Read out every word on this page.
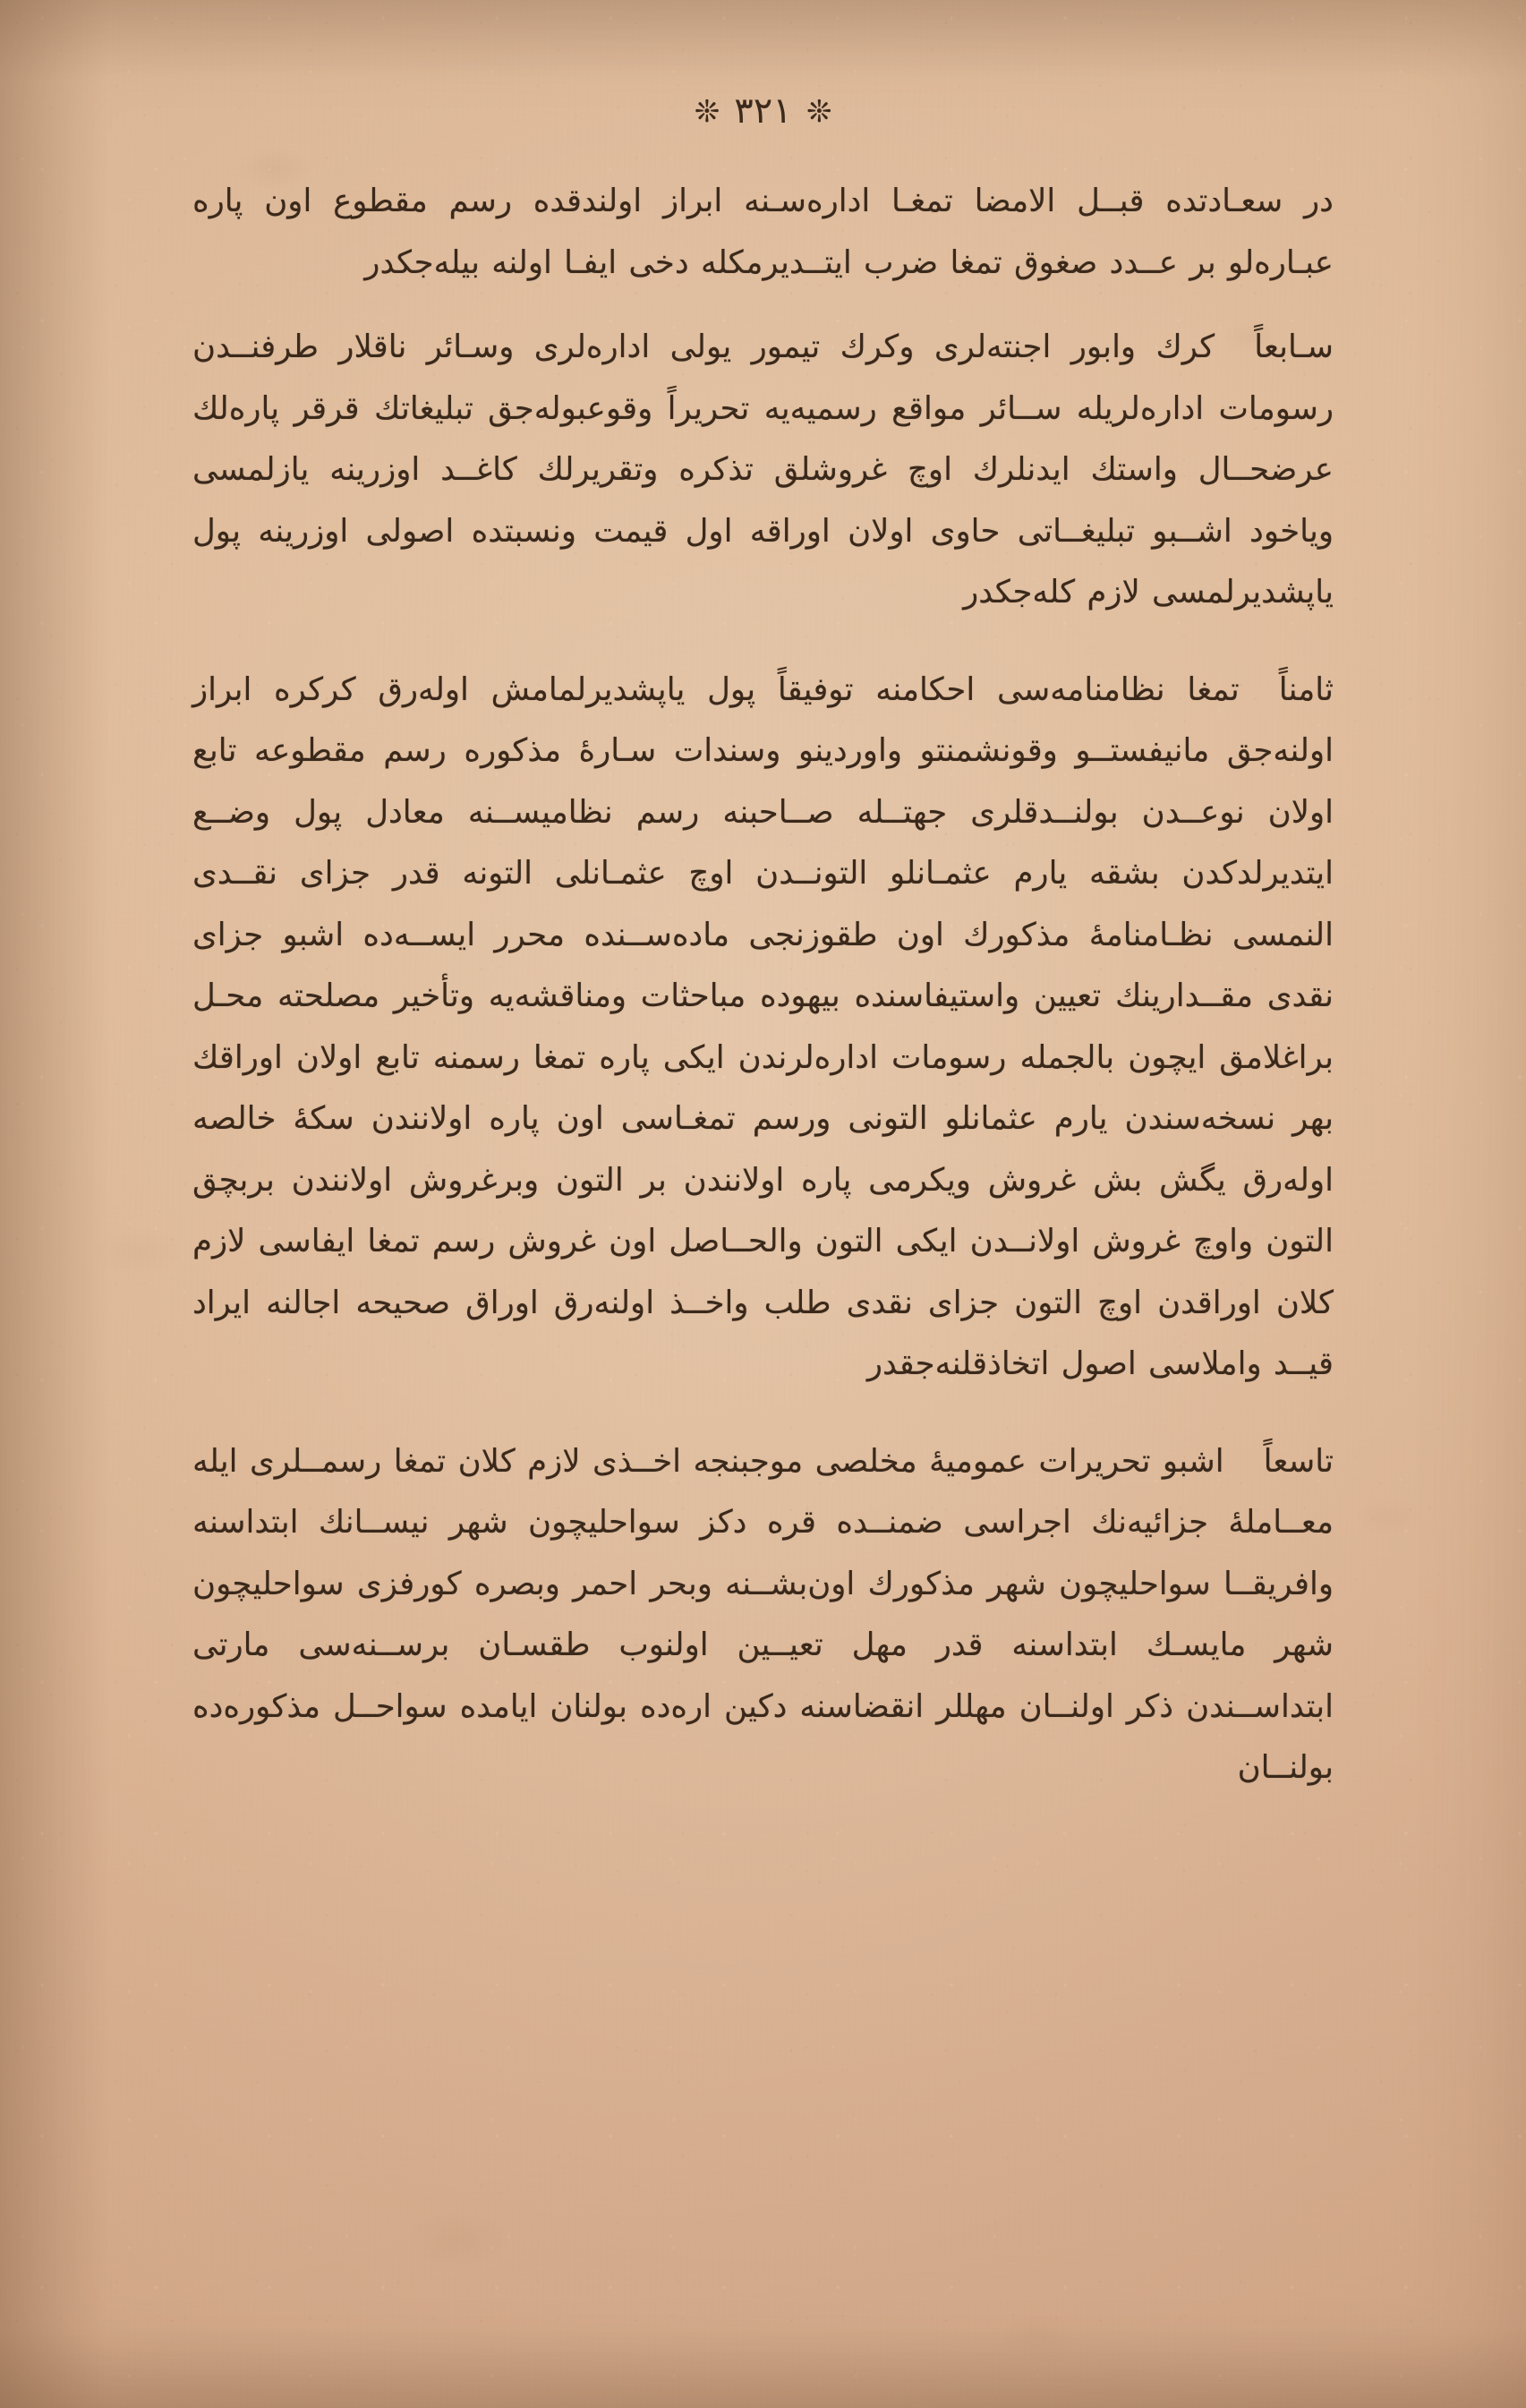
❊
٣٢١
❊

در سعـادتده قبــل الامضا تمغـا اداره‌سـنه ابراز اولندقده رسم مقطوع اون پاره عبـاره‌لو بر عــدد صغوق تمغا ضرب ایتــدیرمكله دخی ایفـا اولنه بیله‌جكدر

سـابعاًكرك وابور اجنته‌لری وكرك تیمور یولی اداره‌لری وسـائر ناقلار طرفنــدن رسومات اداره‌لریله ســائر مواقع رسمیه‌یه تحریراً وقوعبوله‌جق تبلیغاتك قرقر پاره‌لك عرضحــال واستك ایدنلرك اوچ غروشلق تذكره وتقریرلك كاغــد اوزرینه یازلمسی ویاخود اشــبو تبلیغــاتی حاوی اولان اوراقه اول قیمت ونسبتده اصولی اوزرینه پول یاپشدیرلمسی لازم كله‌جكدر

ثامناًتمغا نظامنامه‌سی احكامنه توفیقاً پول یاپشدیرلمامش اوله‌رق كركره ابراز اولنه‌جق مانیفستــو وقونشمنتو واوردینو وسندات سـارهٔ مذكوره رسم مقطوعه تابع اولان نوعــدن بولنــدقلری جهتــله صــاحبنه رسم نظامیســنه معادل پول وضــع ایتدیرلدكدن بشقه یارم عثمـانلو التونــدن اوچ عثمـانلی التونه قدر جزای نقــدی النمسی نظـامنامهٔ مذكورك اون طقوزنجی ماده‌ســنده محرر ایســه‌ده اشبو جزای نقدی مقــدارینك تعیین واستیفاسنده بیهوده مباحثات ومناقشه‌یه وتأخیر مصلحته محـل براغلامق ایچون بالجمله رسومات اداره‌لرندن ایكی پاره تمغا رسمنه تابع اولان اوراقك بهر نسخه‌سندن یارم عثمانلو التونی ورسم تمغـاسی اون پاره اولانندن سكهٔ خالصه اوله‌رق یگش بش غروش ویكرمی پاره اولانندن بر التون وبرغروش اولانندن بربچق التون واوچ غروش اولانــدن ایكی التون والحــاصل اون غروش رسم تمغا ایفاسی لازم كلان اوراقدن اوچ التون جزای نقدی طلب واخــذ اولنه‌رق اوراق صحیحه اجالنه ایراد قیــد واملاسی اصول اتخاذقلنه‌جقدر

تاسعاًاشبو تحریرات عمومیهٔ مخلصی موجبنجه اخــذی لازم كلان تمغا رسمــلری ایله معــاملهٔ جزائیه‌نك اجراسی ضمنــده قره دكز سواحلیچون شهر نیســانك ابتداسنه وافریقــا سواحلیچون شهر مذكورك اون‌بشــنه وبحر احمر وبصره كورفزی سواحلیچون شهر مایسـك ابتداسنه قدر مهل تعیــین اولنوب طقسـان برســنه‌سی مارتی ابتداســندن ذكر اولنــان مهللر انقضاسنه دكین اره‌ده بولنان ایامده سواحــل مذكوره‌ده بولنــان
